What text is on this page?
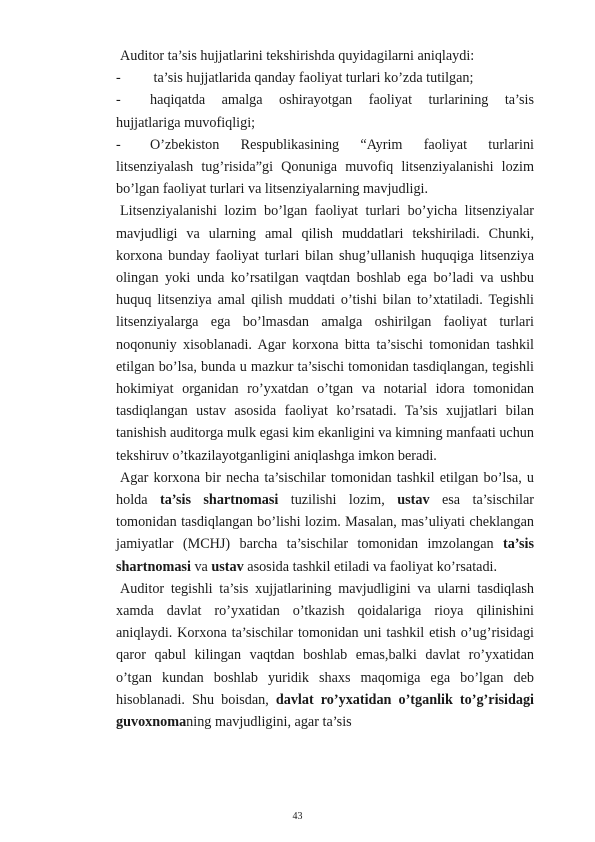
Auditor ta’sis hujjatlarini tekshirishda quyidagilarni aniqlaydi:

- ta’sis hujjatlarida qanday faoliyat turlari ko’zda tutilgan;

- haqiqatda amalga oshirayotgan faoliyat turlarining ta’sis hujjatlariga muvofiqligi;

- O’zbekiston Respublikasining “Ayrim faoliyat turlarini litsenziyalash tug’risida”gi Qonuniga muvofiq litsenziyalanishi lozim bo’lgan faoliyat turlari va litsenziyalarning mavjudligi.

Litsenziyalanishi lozim bo’lgan faoliyat turlari bo’yicha litsenziyalar mavjudligi va ularning amal qilish muddatlari tekshiriladi. Chunki, korxona bunday faoliyat turlari bilan shug’ullanish huquqiga litsenziya olingan yoki unda ko’rsatilgan vaqtdan boshlab ega bo’ladi va ushbu huquq litsenziya amal qilish muddati o’tishi bilan to’xtatiladi. Tegishli litsenziyalarga ega bo’lmasdan amalga oshirilgan faoliyat turlari noqonuniy xisoblanadi. Agar korxona bitta ta’sischi tomonidan tashkil etilgan bo’lsa, bunda u mazkur ta’sischi tomonidan tasdiqlangan, tegishli hokimiyat organidan ro’yxatdan o’tgan va notarial idora tomonidan tasdiqlangan ustav asosida faoliyat ko’rsatadi. Ta’sis xujjatlari bilan tanishish auditorga mulk egasi kim ekanligini va kimning manfaati uchun tekshiruv o’tkazilayotganligini aniqlashga imkon beradi.

Agar korxona bir necha ta’sischilar tomonidan tashkil etilgan bo’lsa, u holda ta’sis shartnomasi tuzilishi lozim, ustav esa ta’sischilar tomonidan tasdiqlangan bo’lishi lozim. Masalan, mas’uliyati cheklangan jamiyatlar (MCHJ) barcha ta’sischilar tomonidan imzolangan ta’sis shartnomasi va ustav asosida tashkil etiladi va faoliyat ko’rsatadi.

Auditor tegishli ta’sis xujjatlarining mavjudligini va ularni tasdiqlash xamda davlat ro’yxatidan o’tkazish qoidalariga rioya qilinishini aniqlaydi. Korxona ta’sischilar tomonidan uni tashkil etish o’ug’risidagi qaror qabul kilingan vaqtdan boshlab emas,balki davlat ro’yxatidan o’tgan kundan boshlab yuridik shaxs maqomiga ega bo’lgan deb hisoblanadi. Shu boisdan, davlat ro’yxatidan o’tganlik to’g’risidagi guvoxnomaning mavjudligini, agar ta’sis

43
